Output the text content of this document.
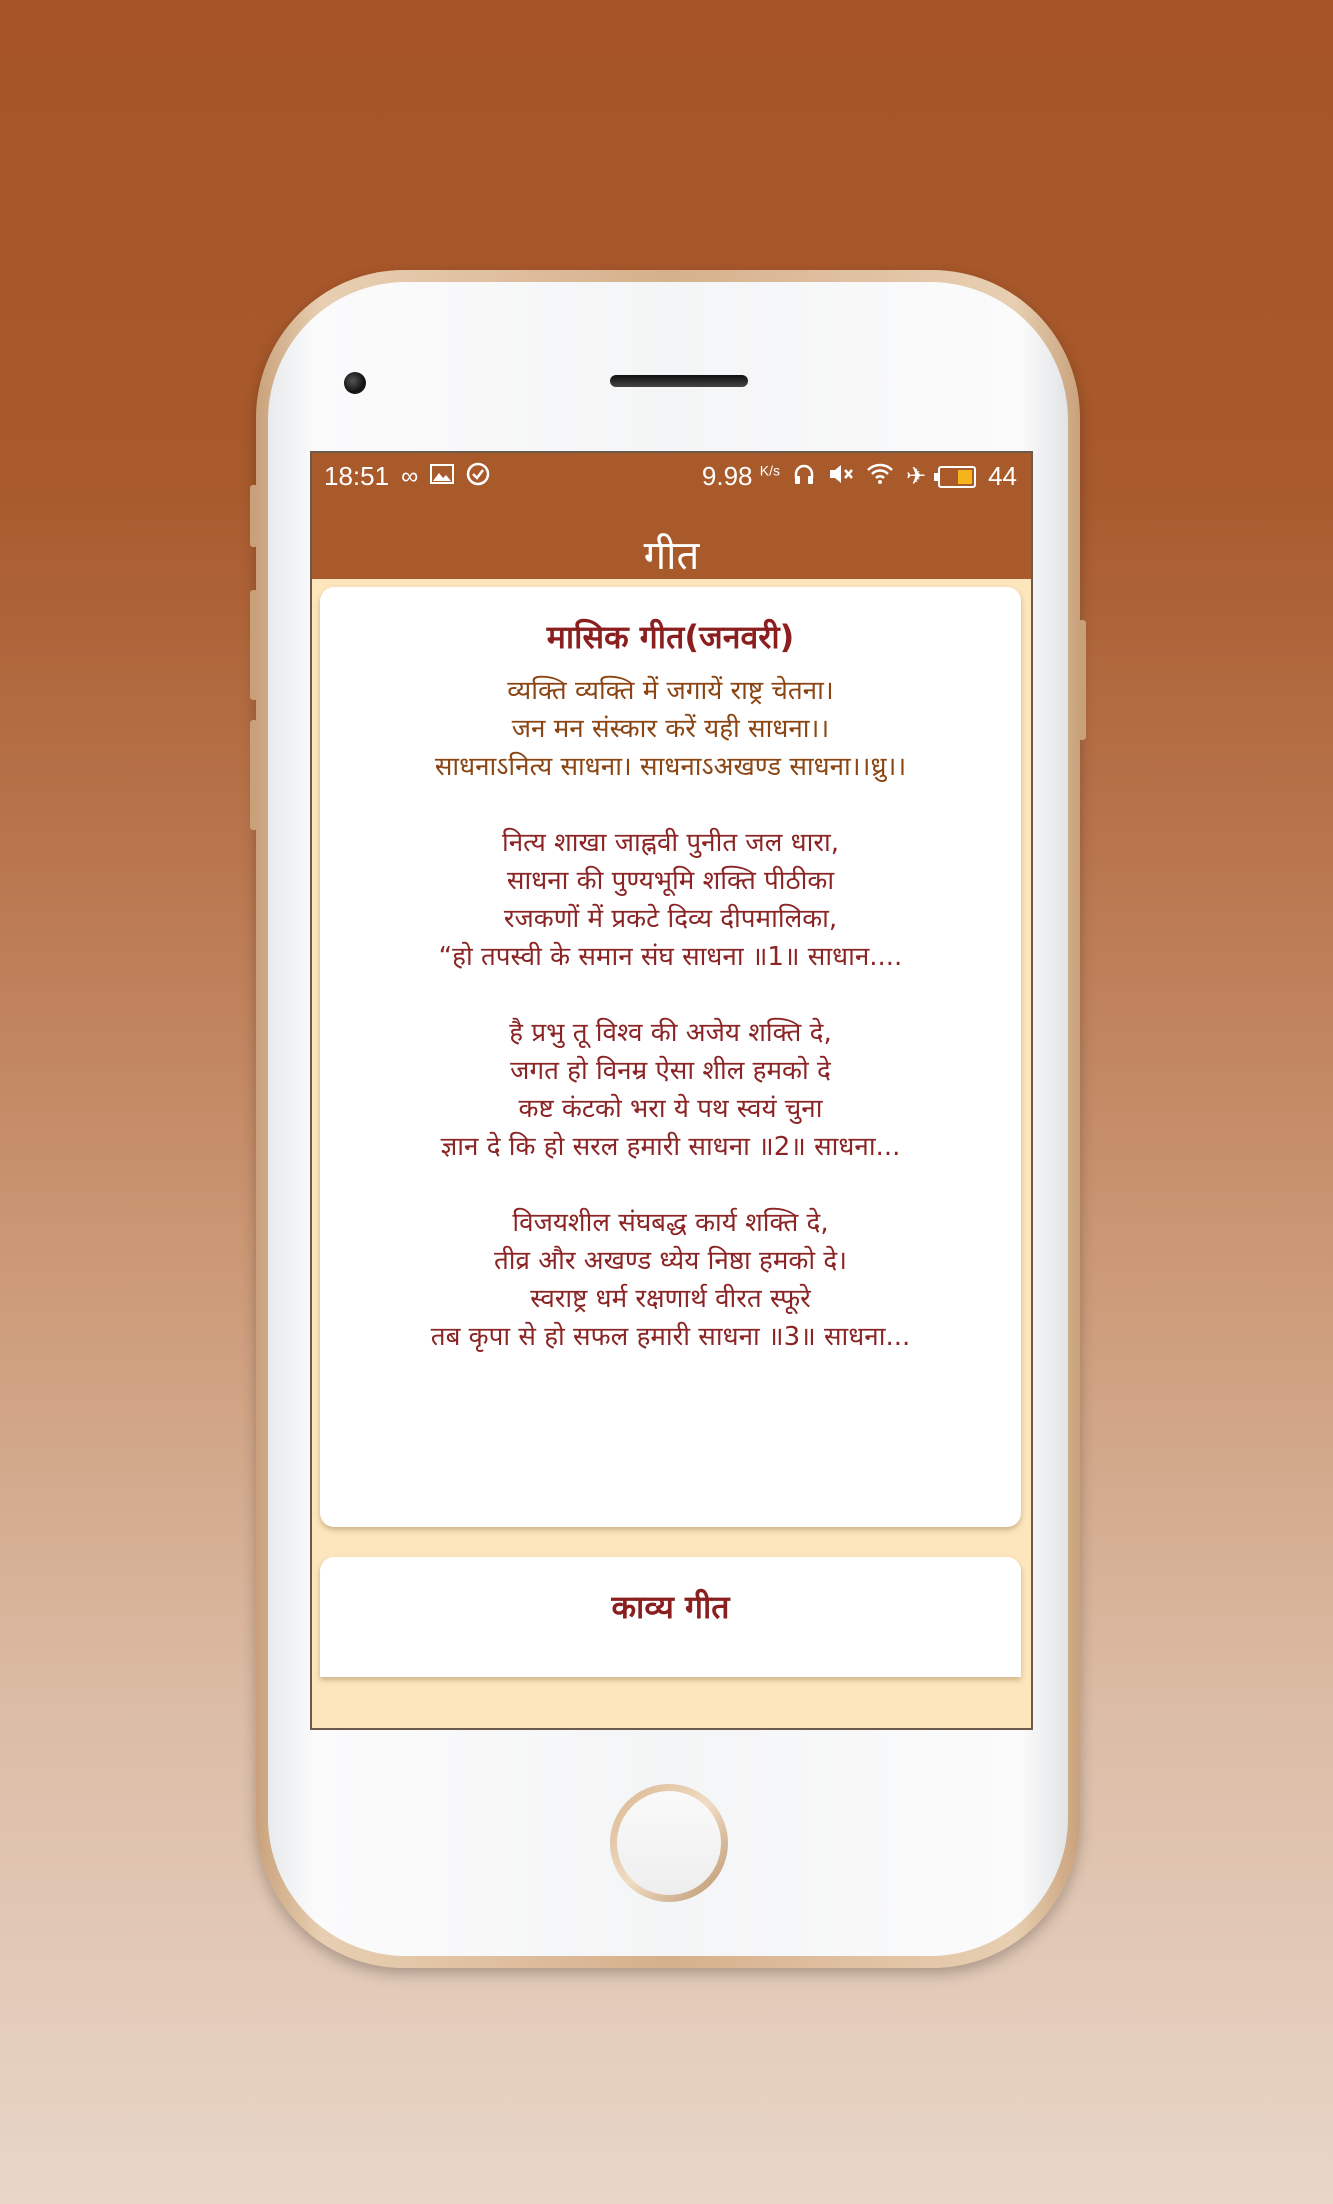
18:51 ∞	9.98 $^{K/s}$	✈ 44
गीत
मासिक गीत(जनवरी)

व्यक्ति व्यक्ति में जगायें राष्ट्र चेतना।

जन मन संस्कार करें यही साधना।।

साधनाऽनित्य साधना। साधनाऽअखण्ड साधना।।ध्रु।।

नित्य शाखा जाह्नवी पुनीत जल धारा,

साधना की पुण्यभूमि शक्ति पीठीका

रजकणों में प्रकटे दिव्य दीपमालिका,

“हो तपस्वी के समान संघ साधना ॥1॥ साधान....

है प्रभु तू विश्व की अजेय शक्ति दे,

जगत हो विनम्र ऐसा शील हमको दे

कष्ट कंटको भरा ये पथ स्वयं चुना

ज्ञान दे कि हो सरल हमारी साधना ॥2॥ साधना...

विजयशील संघबद्ध कार्य शक्ति दे,

तीव्र और अखण्ड ध्येय निष्ठा हमको दे।

स्वराष्ट्र धर्म रक्षणार्थ वीरत स्फूरे

तब कृपा से हो सफल हमारी साधना ॥3॥ साधना...

काव्य गीत
